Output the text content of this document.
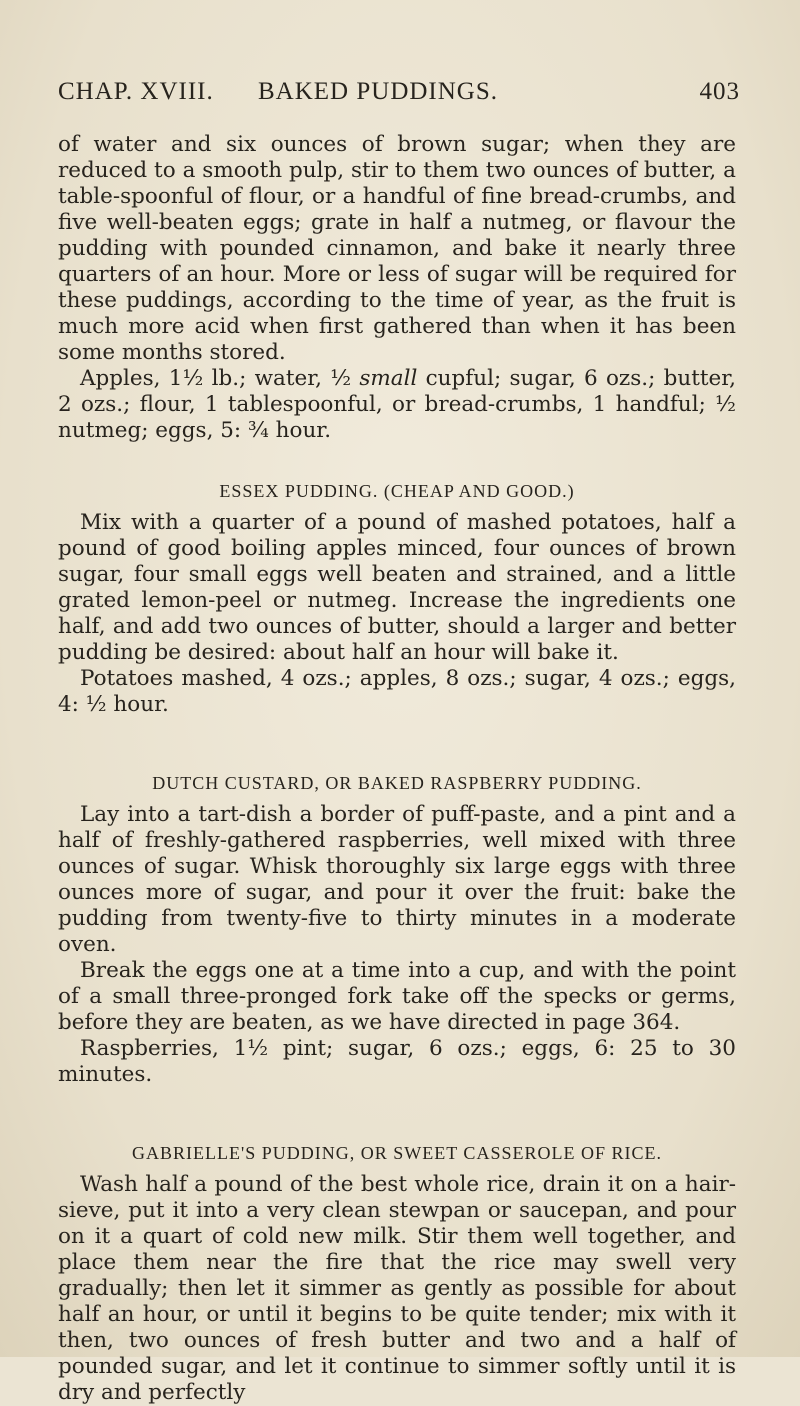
CHAP. XVIII. BAKED PUDDINGS.	403

of water and six ounces of brown sugar; when they are reduced to a smooth pulp, stir to them two ounces of butter, a table-spoonful of flour, or a handful of fine bread-crumbs, and five well-beaten eggs; grate in half a nutmeg, or flavour the pudding with pounded cinnamon, and bake it nearly three quarters of an hour. More or less of sugar will be required for these puddings, according to the time of year, as the fruit is much more acid when first gathered than when it has been some months stored.

Apples, 1½ lb.; water, ½ small cupful; sugar, 6 ozs.; butter, 2 ozs.; flour, 1 tablespoonful, or bread-crumbs, 1 handful; ½ nutmeg; eggs, 5: ¾ hour.

ESSEX PUDDING. (CHEAP AND GOOD.)

Mix with a quarter of a pound of mashed potatoes, half a pound of good boiling apples minced, four ounces of brown sugar, four small eggs well beaten and strained, and a little grated lemon-peel or nutmeg. Increase the ingredients one half, and add two ounces of butter, should a larger and better pudding be desired: about half an hour will bake it.

Potatoes mashed, 4 ozs.; apples, 8 ozs.; sugar, 4 ozs.; eggs, 4: ½ hour.

DUTCH CUSTARD, OR BAKED RASPBERRY PUDDING.

Lay into a tart-dish a border of puff-paste, and a pint and a half of freshly-gathered raspberries, well mixed with three ounces of sugar. Whisk thoroughly six large eggs with three ounces more of sugar, and pour it over the fruit: bake the pudding from twenty-five to thirty minutes in a moderate oven.

Break the eggs one at a time into a cup, and with the point of a small three-pronged fork take off the specks or germs, before they are beaten, as we have directed in page 364.

Raspberries, 1½ pint; sugar, 6 ozs.; eggs, 6: 25 to 30 minutes.

GABRIELLE'S PUDDING, OR SWEET CASSEROLE OF RICE.

Wash half a pound of the best whole rice, drain it on a hair-sieve, put it into a very clean stewpan or saucepan, and pour on it a quart of cold new milk. Stir them well together, and place them near the fire that the rice may swell very gradually; then let it simmer as gently as possible for about half an hour, or until it begins to be quite tender; mix with it then, two ounces of fresh butter and two and a half of pounded sugar, and let it continue to simmer softly until it is dry and perfectly
